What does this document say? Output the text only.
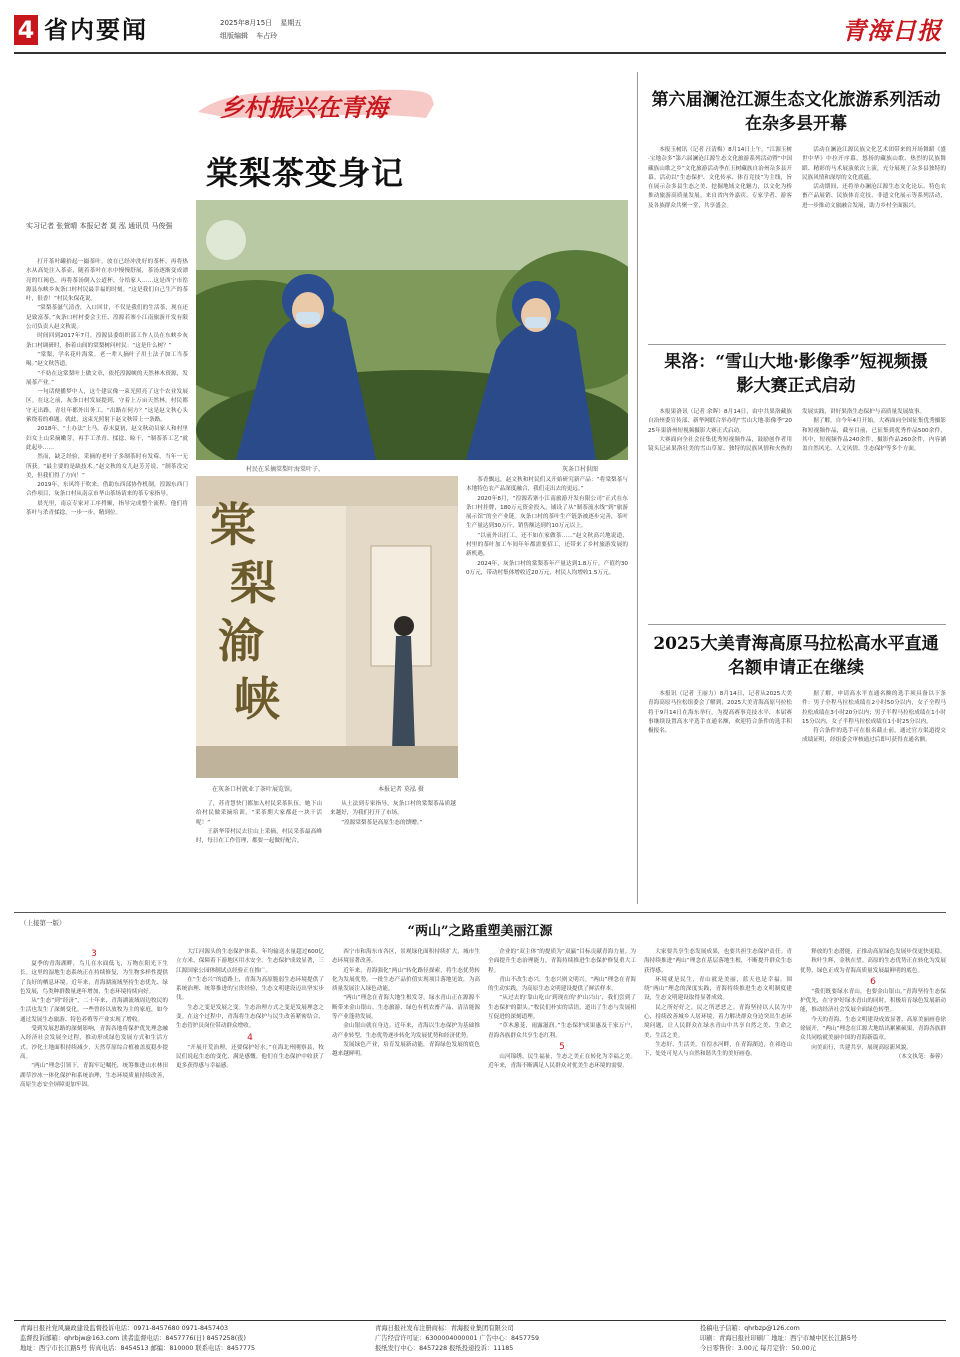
4 省内要闻	2025年8月15日 星期五
组版编辑 车占玲	青海日报
乡村振兴在青海
棠梨茶变身记
实习记者 张萱晴 本报记者 莫 泓 通讯员 马俊强

打开茶叶罐拾起一撮茶叶，放在已经冲洗好的茶杯，再将热水从高处注入茶壶，随着茶叶在水中慢慢舒展，茶汤逐渐变成漂亮的红褐色，再将茶汤倒入公道杯，分给家人……这是西宁市湟源县东峡乡灰条口村村民最幸福的时刻。“这是我们自己生产的茶叶，很香！”村民朱保花说。

“棠梨茶滋气清香，入口回甘，不仅是我们的生活茶，现在还是致富茶。”灰条口村村委会主任、湟源若寨小江南旅游开发有限公司负责人赵文秋说。

时间回到2017年7月，湟源县委组织部工作人员在东峡乡灰条口村调研时，指着山间的棠梨树问村民：“这是什么树？”

“棠梨，学名花叶海棠。老一辈人摘叶子用土法子加工当茶喝。”赵文秋答道。

“不妨在这棠梨叶上做文章，依托湟源峡的天然林木资源，发展茶产业。”

一句话便播梦中人，这个建议像一束光照亮了这个农业发展区。在这之前，灰条口村发展提到，守着上万亩天然林，村民都守无出路，青壮年都外出务工。“出路在何方？”这是赵文秋心头萦绕着的难题。就此，这束光照射下赵文秋带上一条路。

2018年，“土办法”上马。春末夏初，赵文秋动员家人和村里妇女上山采摘嫩芽，再手工杀青、揉捻、晾干，“制茶茶工艺”就此起步……

然而，缺乏经验，采摘的老叶子多制茶时有发霉，当年一无所获。“最主要的是缺技术。”赵文秋的女儿赵芳芳说，“制茶没完美，但我们得了方向！”

2019年，东风终于吹来。借助东西部协作机制，湟源东西门合作项目，灰条口村从南京市华山茶场请来的茶专家指导。

晨光里，南京专家对工序捋顺，指导完成整个流程。他们将茶叶与杀青揉捻，一步一步，精到位。

村民在采摘棠梨叶海棠叶子。	灰条口村供图
棠
梨
渝
峡
在灰条口村就业了茶叶展览馆。	本报记者 莫泓 摄

了，苏青慧快门都加入村民采茶队伍，她下山给村民做采摘培训。“采茶期大家都赶一块干活呢！”

王新华带村民去往山上采摘，村民采茶最高峰时，每日在工作管理，都要一起做好配合。

从土法到专家指导，灰条口村的棠梨茶品质越来越好，为我们打开了市场。

“湟源棠梨茶是高原生态的馈赠。”

茶香飘远，赵文秋和村民们又开始研究新产品：“将棠梨茶与本地特色农产品深度融合，我们走出去的更远。”

2020年8月，“湟源若寨小江南旅游开发有限公司”正式在东条口村挂牌，180万元资金投入，铺设了从“制茶流水线”到“旅游展示馆”的全产业链。灰条口村的茶叶生产链条被逐步完善，茶叶生产量达到30万斤，销售额达到约10万元以上。

“以前外出打工，还不如在家做茶……”赵文秋高兴地说道，村里的茶叶加工车间年年都需要招工，还带来了乡村旅游发展的新机遇。

2024年，灰条口村的棠梨茶年产量达到1.8万斤，产值约300万元，带动村集体增收近20万元，村民人均增收1.5万元。

第六届澜沧江源生态文化旅游系列活动在杂多县开幕

本报玉树讯（记者 汪清梅）8月14日上午，“江源玉树·宝地杂多”第六届澜沧江源生态文化旅游系列活动暨“中国藏族山歌之乡”文化旅游活动季在玉树藏族自治州杂多县开幕。活动以“生态保护、文化传承、体育竞技”为主线，旨在展示杂多县生态之美、挖掘地域文化魅力，以文化为桥推动旅游高质量发展。来自省内外嘉宾、专家学者、游客及各族群众共聚一堂，共享盛会。

活动在澜沧江源民族文化艺术团带来的开场舞蹈《盛世中华》中拉开序幕，悠扬的藏族山歌、热烈的民族舞蹈、精彩的马术展演依次上演，充分展现了杂多县独特的民族风情和深厚的文化底蕴。

活动期间，还将举办澜沧江源生态文化论坛、特色农畜产品展销、民族体育竞技、非遗文化展示等系列活动，进一步推动文旅融合发展，助力乡村全面振兴。

果洛：“雪山大地·影像季”短视频摄影大赛正式启动

本报果洛讯（记者 余晖）8月14日，由中共果洛藏族自治州委宣传部、新华网联合举办的“雪山大地·影像季”2025年果洛州短视频摄影大赛正式启动。

大赛面向全社会征集优秀短视频作品，鼓励创作者用镜头记录果洛壮美的雪山草原、独特的民族风情和火热的发展实践，讲好果洛生态保护与高质量发展故事。

据了解，自今年4月开始，大赛面向全国征集优秀摄影和短视频作品，截至目前，已征集到优秀作品500余件，其中，短视频作品240余件，摄影作品260余件，内容涵盖自然风光、人文风情、生态保护等多个方面。

2025大美青海高原马拉松高水平直通名额申请正在继续

本报讯（记者 王丽力）8月14日，记者从2025大美青海高原马拉松组委会了解到，2025大美青海高原马拉松将于9月14日在海东举行，为提高赛事竞技水平，本届赛事继续设置高水平选手直通名额，欢迎符合条件的选手积极报名。

据了解，申请高水平直通名额的选手须具备以下条件：男子全程马拉松成绩在2小时50分以内，女子全程马拉松成绩在3小时20分以内；男子半程马拉松成绩在1小时15分以内，女子半程马拉松成绩在1小时25分以内。

符合条件的选手可在报名截止前，通过官方渠道提交成绩证明，经组委会审核通过后即可获得直通名额。

（上接第一版）
“两山”之路重塑美丽江源
3

夏季的青海湖畔，鸟儿在水面低飞，万物在阳光下生长。这里的湿地生态系统正在持续修复，为生物多样性提供了良好的栖息环境。近年来，青海湖流域坚持生态优先、绿色发展，鸟类种群数量逐年增加，生态环境持续向好。

从“生态”到“经济”，二十年来，青海湖流域周边牧民的生活也发生了深刻变化。一些曾经以放牧为主的家庭，如今通过发展生态旅游、特色养殖等产业实现了增收。

受到发展思路的深刻影响，青海各地将保护优先理念融入经济社会发展全过程，推动形成绿色发展方式和生活方式。沙化土地面积持续减少，天然草原综合植被盖度稳步提高。

“两山”理念引领下，青海牢记嘱托，统筹推进山水林田湖草沙冰一体化保护和系统治理，生态环境质量持续改善，高原生态安全屏障更加牢固。

大江河源头的生态保护体系，年均输送水量超过600亿立方米，保障着下游地区用水安全。生态保护成效显著，三江源国家公园体制试点经验正在推广。

在“生态兴”的道路上，青海为高原脆弱生态环境提供了系统治理、统筹推进的宝贵经验，生态文明建设迈出坚实步伐。

生态之变是发展之变。生态治理方式之变是发展理念之变。在这个过程中，青海将生态保护与民生改善紧密结合，生态管护员岗位带动群众增收。

4

“开展开荒治理，还要保护好水。”在海北州刚察县，牧民们说起生态的变化，满是感慨。他们在生态保护中收获了更多获得感与幸福感。

西宁市和海东市各区，景观绿化面积持续扩大，城市生态环境显著改善。

近年来，青海强化“两山”转化路径探索，将生态优势转化为发展优势，一批生态产品价值实现项目落地见效，为高质量发展注入绿色动能。

“两山”理念在青海大地生根发芽，绿水青山正在源源不断带来金山银山。生态旅游、绿色有机农畜产品、清洁能源等产业蓬勃发展。

金山银山就在身边。近年来，青海以生态保护为基础推动产业转型，生态优势逐步转化为发展优势和经济优势。

发展绿色产业，培育发展新动能，青海绿色发展的底色越来越鲜明。

企业的“双主体”的提质为“双赢”目标贡献青海力量。为全面提升生态治理能力，青海持续推进生态保护修复重大工程。

青山不改生态兴，生态兴则文明兴。“两山”理念在青海的生动实践，为高原生态文明建设提供了鲜活样本。

“从过去的‘靠山吃山’到现在的‘护山兴山’，我们尝到了生态保护的甜头。”牧民们朴实的话语，道出了生态与发展相互促进的深刻道理。

“草木葱茏，雨露滋润。”生态保护成果惠及千家万户，青海各族群众共享生态红利。

5

山河锦绣，民生福祉，生态之美正在转化为幸福之美。近年来，青海不断满足人民群众对优美生态环境的需要。

大家要共享生态发展成果，也要共担生态保护责任。青海持续推进“两山”理念在基层落地生根，不断提升群众生态获得感。

环境就是民生，青山就是美丽，蓝天也是幸福。围绕“两山”理念的深度实践，青海持续推进生态文明制度建设，生态文明建设取得显著成效。

民之所好好之，民之所恶恶之。青海坚持以人民为中心，持续改善城乡人居环境，着力解决群众身边突出生态环境问题，让人民群众在绿水青山中共享自然之美、生命之美、生活之美。

生态好、生活美。在湟水河畔，在青海湖边，在祁连山下，处处可见人与自然和谐共生的美好画卷。

释放的生态潜能，正推动高原绿色发展步伐更快更稳。

秋叶生辉，金秋在望。高原的生态优势正在转化为发展优势，绿色正成为青海高质量发展最鲜明的底色。

6

“我们既要绿水青山，也要金山银山。”青海坚持生态保护优先，在守护好绿水青山的同时，积极培育绿色发展新动能，推动经济社会发展全面绿色转型。

今天的青海，生态文明建设成效显著，高原美丽画卷徐徐展开，“两山”理念在江源大地结出累累硕果，青海各族群众共同绘就美丽中国的青海新篇章。

向美而行，共建共享，展现高原新风貌。

（本文执笔：秦蓉）

青海日报社党风廉政建设监督投诉电话：0971-8457680 0971-8457403	青海日报社发布注册商标：青海报业集团有限公司	投稿电子信箱：qhrbzp@126.com
监督投诉邮箱：qhrbjw@163.com 读者监督电话：8457776(日) 8457258(夜)	广告经营许可证：6300004000001 广告中心：8457759	印刷：青海日报社印刷厂 地址：西宁市城中区长江路5号
地址：西宁市长江路5号 传真电话：8454513 邮编：810000 联系电话：8457775	报纸发行中心：8457228 报纸投递投诉：11185	今日零售价：3.00元 每月定价：50.00元
